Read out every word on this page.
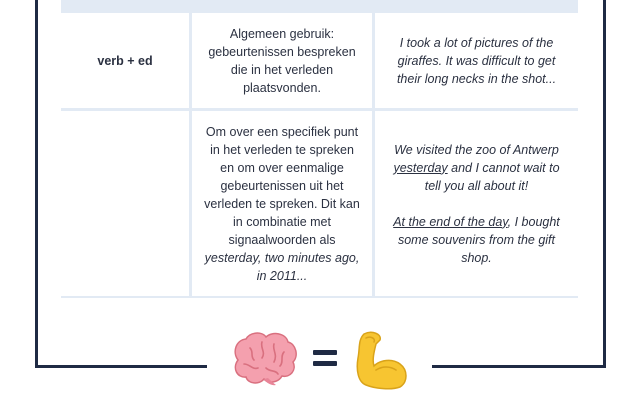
verb + ed
Algemeen gebruik: gebeurtenissen bespreken die in het verleden plaatsvonden.
I took a lot of pictures of the giraffes. It was difficult to get their long necks in the shot...
Om over een specifiek punt in het verleden te spreken en om over eenmalige gebeurtenissen uit het verleden te spreken. Dit kan in combinatie met signaalwoorden als yesterday, two minutes ago, in 2011...

We visited the zoo of Antwerp yesterday and I cannot wait to tell you all about it!

At the end of the day, I bought some souvenirs from the gift shop.
